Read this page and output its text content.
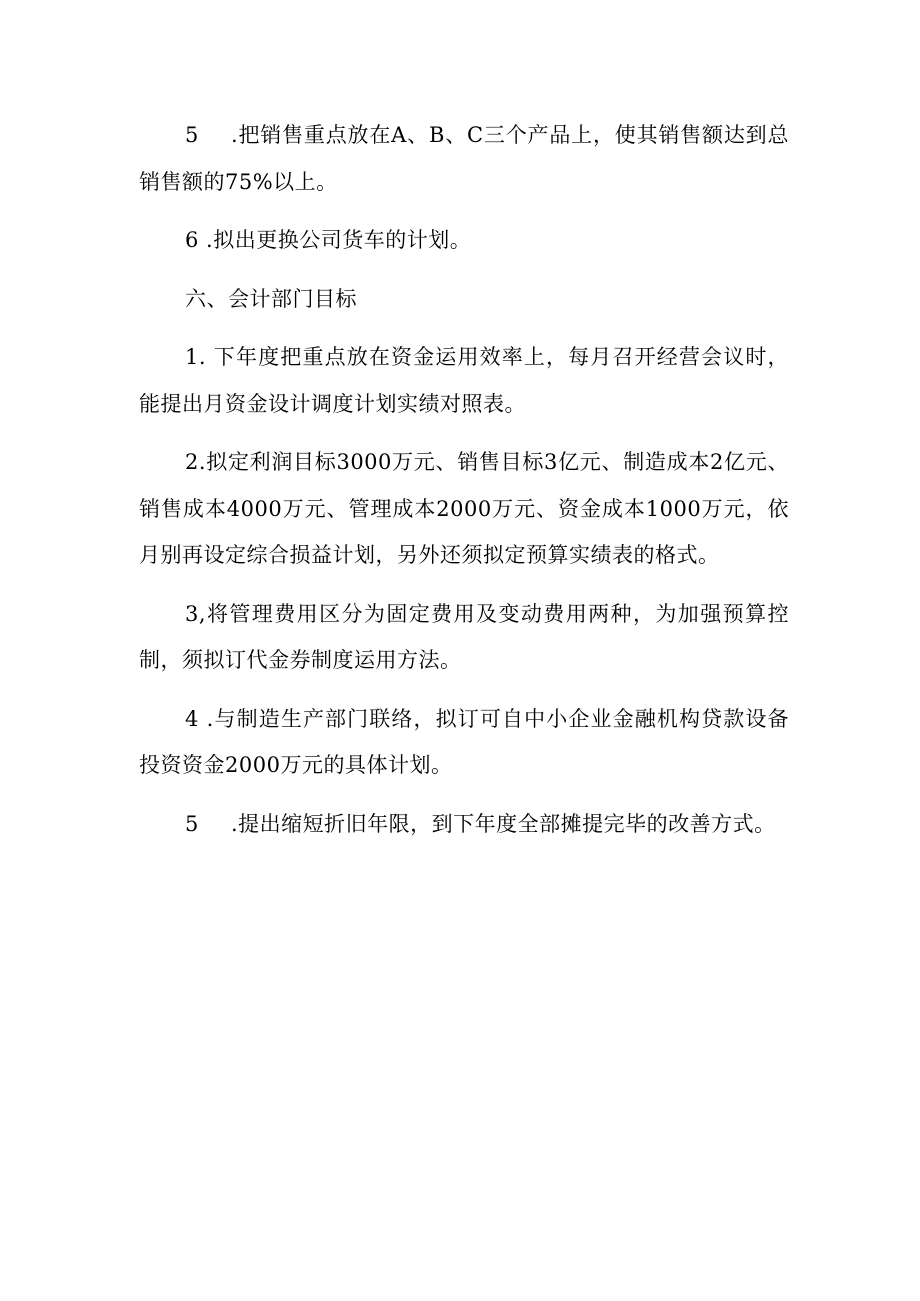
5 .把销售重点放在A、B、C三个产品上，使其销售额达到总销售额的75%以上。

6 .拟出更换公司货车的计划。

六、会计部门目标

1. 下年度把重点放在资金运用效率上，每月召开经营会议时，能提出月资金设计调度计划实绩对照表。

2.拟定利润目标3000万元、销售目标3亿元、制造成本2亿元、销售成本4000万元、管理成本2000万元、资金成本1000万元，依月别再设定综合损益计划，另外还须拟定预算实绩表的格式。

3,将管理费用区分为固定费用及变动费用两种，为加强预算控制，须拟订代金券制度运用方法。

4 .与制造生产部门联络，拟订可自中小企业金融机构贷款设备投资资金2000万元的具体计划。

5 .提出缩短折旧年限，到下年度全部摊提完毕的改善方式。
